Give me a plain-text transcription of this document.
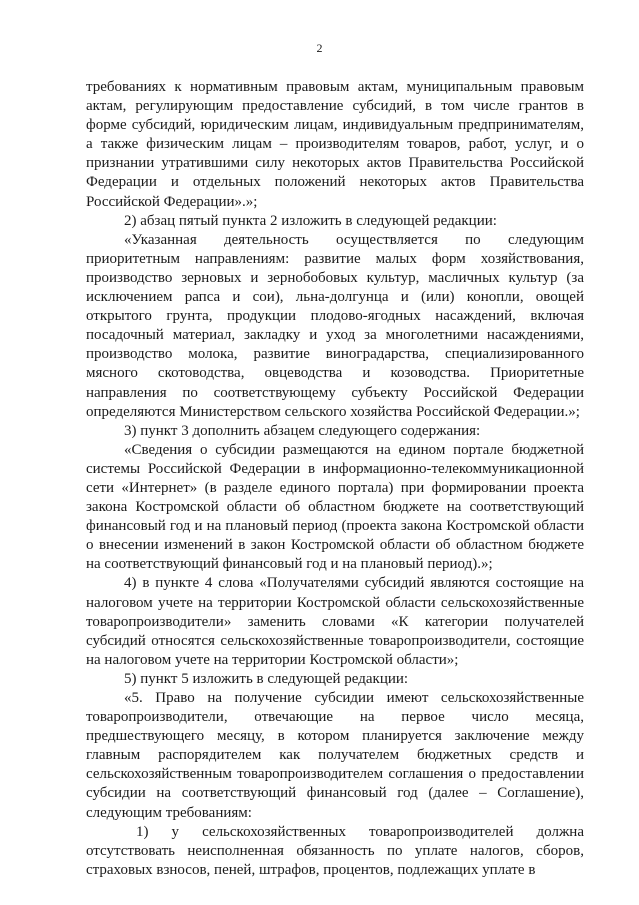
2

требованиях к нормативным правовым актам, муниципальным правовым актам, регулирующим предоставление субсидий, в том числе грантов в форме субсидий, юридическим лицам, индивидуальным предпринимателям, а также физическим лицам – производителям товаров, работ, услуг, и о признании утратившими силу некоторых актов Правительства Российской Федерации и отдельных положений некоторых актов Правительства Российской Федерации».»;

2) абзац пятый пункта 2 изложить в следующей редакции:

«Указанная деятельность осуществляется по следующим приоритетным направлениям: развитие малых форм хозяйствования, производство зерновых и зернобобовых культур, масличных культур (за исключением рапса и сои), льна-долгунца и (или) конопли, овощей открытого грунта, продукции плодово-ягодных насаждений, включая посадочный материал, закладку и уход за многолетними насаждениями, производство молока, развитие виноградарства, специализированного мясного скотоводства, овцеводства и козоводства. Приоритетные направления по соответствующему субъекту Российской Федерации определяются Министерством сельского хозяйства Российской Федерации.»;

3) пункт 3 дополнить абзацем следующего содержания:

«Сведения о субсидии размещаются на едином портале бюджетной системы Российской Федерации в информационно-телекоммуникационной сети «Интернет» (в разделе единого портала) при формировании проекта закона Костромской области об областном бюджете на соответствующий финансовый год и на плановый период (проекта закона Костромской области о внесении изменений в закон Костромской области об областном бюджете на соответствующий финансовый год и на плановый период).»;

4) в пункте 4 слова «Получателями субсидий являются состоящие на налоговом учете на территории Костромской области сельскохозяйственные товаропроизводители» заменить словами «К категории получателей субсидий относятся сельскохозяйственные товаропроизводители, состоящие на налоговом учете на территории Костромской области»;

5) пункт 5 изложить в следующей редакции:

«5. Право на получение субсидии имеют сельскохозяйственные товаропроизводители, отвечающие на первое число месяца, предшествующего месяцу, в котором планируется заключение между главным распорядителем как получателем бюджетных средств и сельскохозяйственным товаропроизводителем соглашения о предоставлении субсидии на соответствующий финансовый год (далее – Соглашение), следующим требованиям:

1) у сельскохозяйственных товаропроизводителей должна отсутствовать неисполненная обязанность по уплате налогов, сборов, страховых взносов, пеней, штрафов, процентов, подлежащих уплате в
